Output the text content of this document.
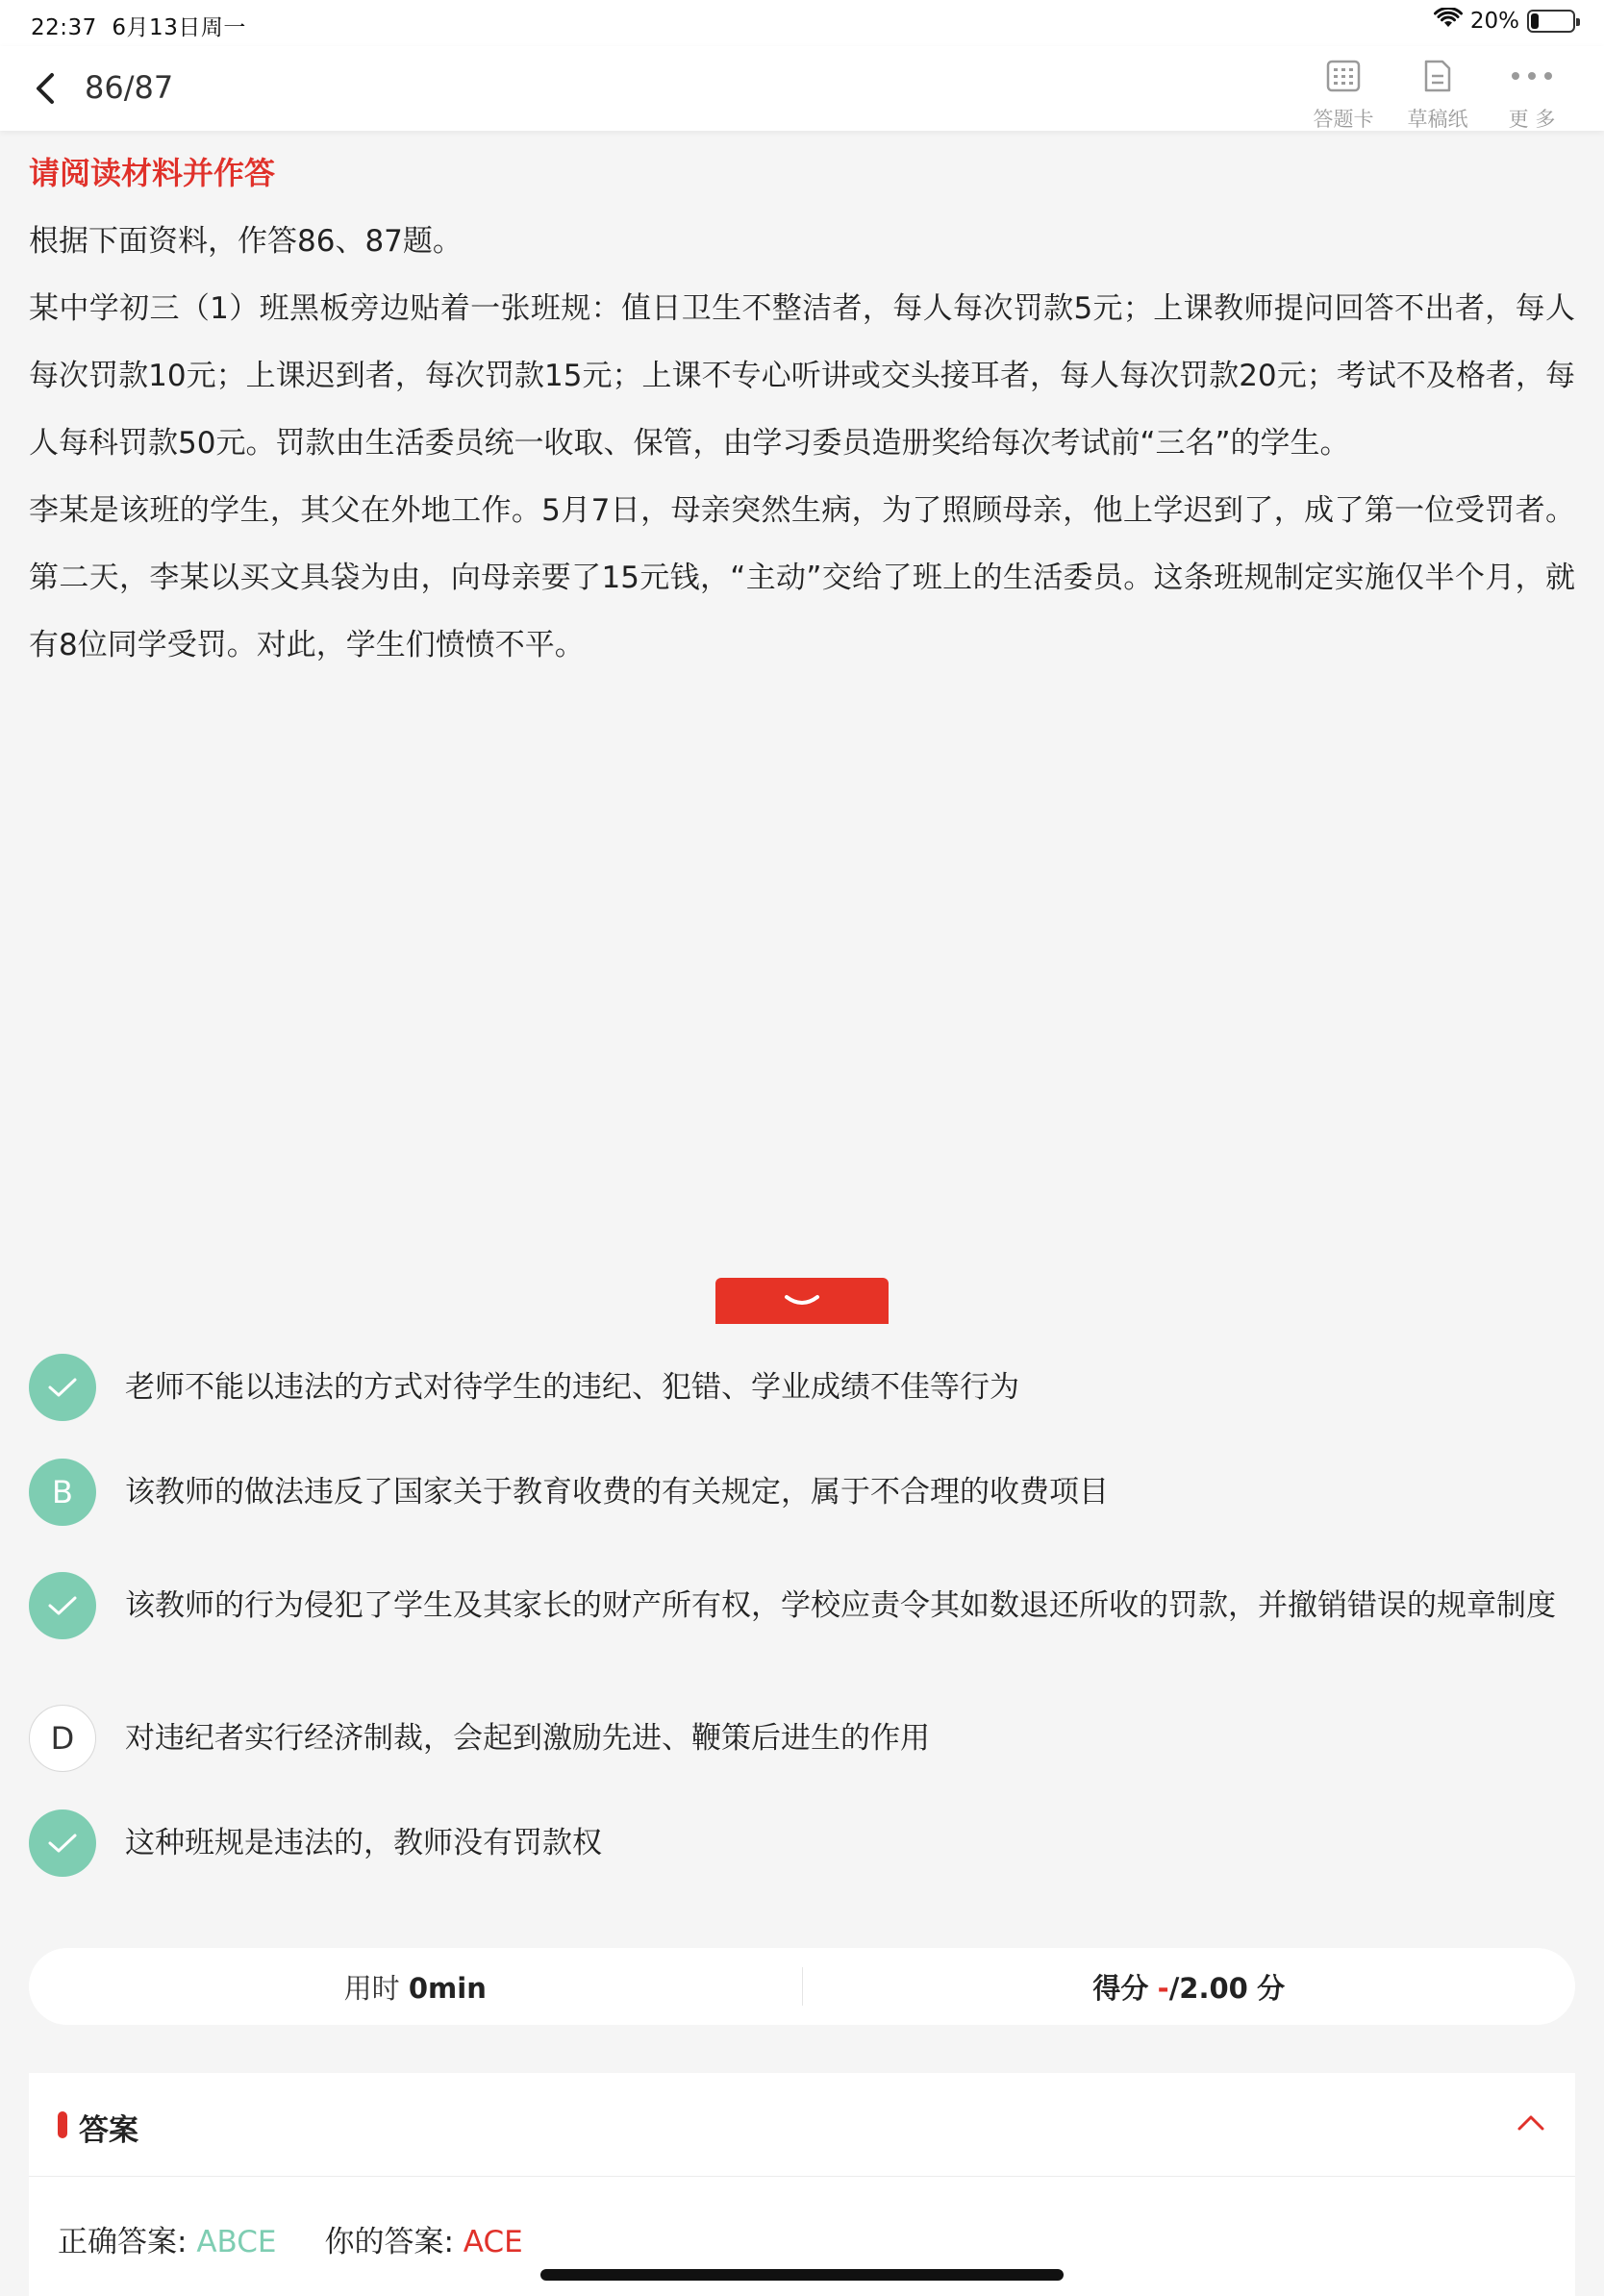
22:37 6月13日周一	20%
86/87
答题卡	草稿纸	更 多
请阅读材料并作答
根据下面资料，作答86、87题。
某中学初三（1）班黑板旁边贴着一张班规：值日卫生不整洁者，每人每次罚款5元；上课教师提问回答不出者，每人每次罚款10元；上课迟到者，每次罚款15元；上课不专心听讲或交头接耳者，每人每次罚款20元；考试不及格者，每人每科罚款50元。罚款由生活委员统一收取、保管，由学习委员造册奖给每次考试前“三名”的学生。
李某是该班的学生，其父在外地工作。5月7日，母亲突然生病，为了照顾母亲，他上学迟到了，成了第一位受罚者。第二天，李某以买文具袋为由，向母亲要了15元钱，“主动”交给了班上的生活委员。这条班规制定实施仅半个月，就有8位同学受罚。对此，学生们愤愤不平。
老师不能以违法的方式对待学生的违纪、犯错、学业成绩不佳等行为
B	该教师的做法违反了国家关于教育收费的有关规定，属于不合理的收费项目
该教师的行为侵犯了学生及其家长的财产所有权，学校应责令其如数退还所收的罚款，并撤销错误的规章制度
D	对违纪者实行经济制裁，会起到激励先进、鞭策后进生的作用
这种班规是违法的，教师没有罚款权
用时 0min	得分 -/2.00 分
答案
正确答案: ABCE 你的答案: ACE
